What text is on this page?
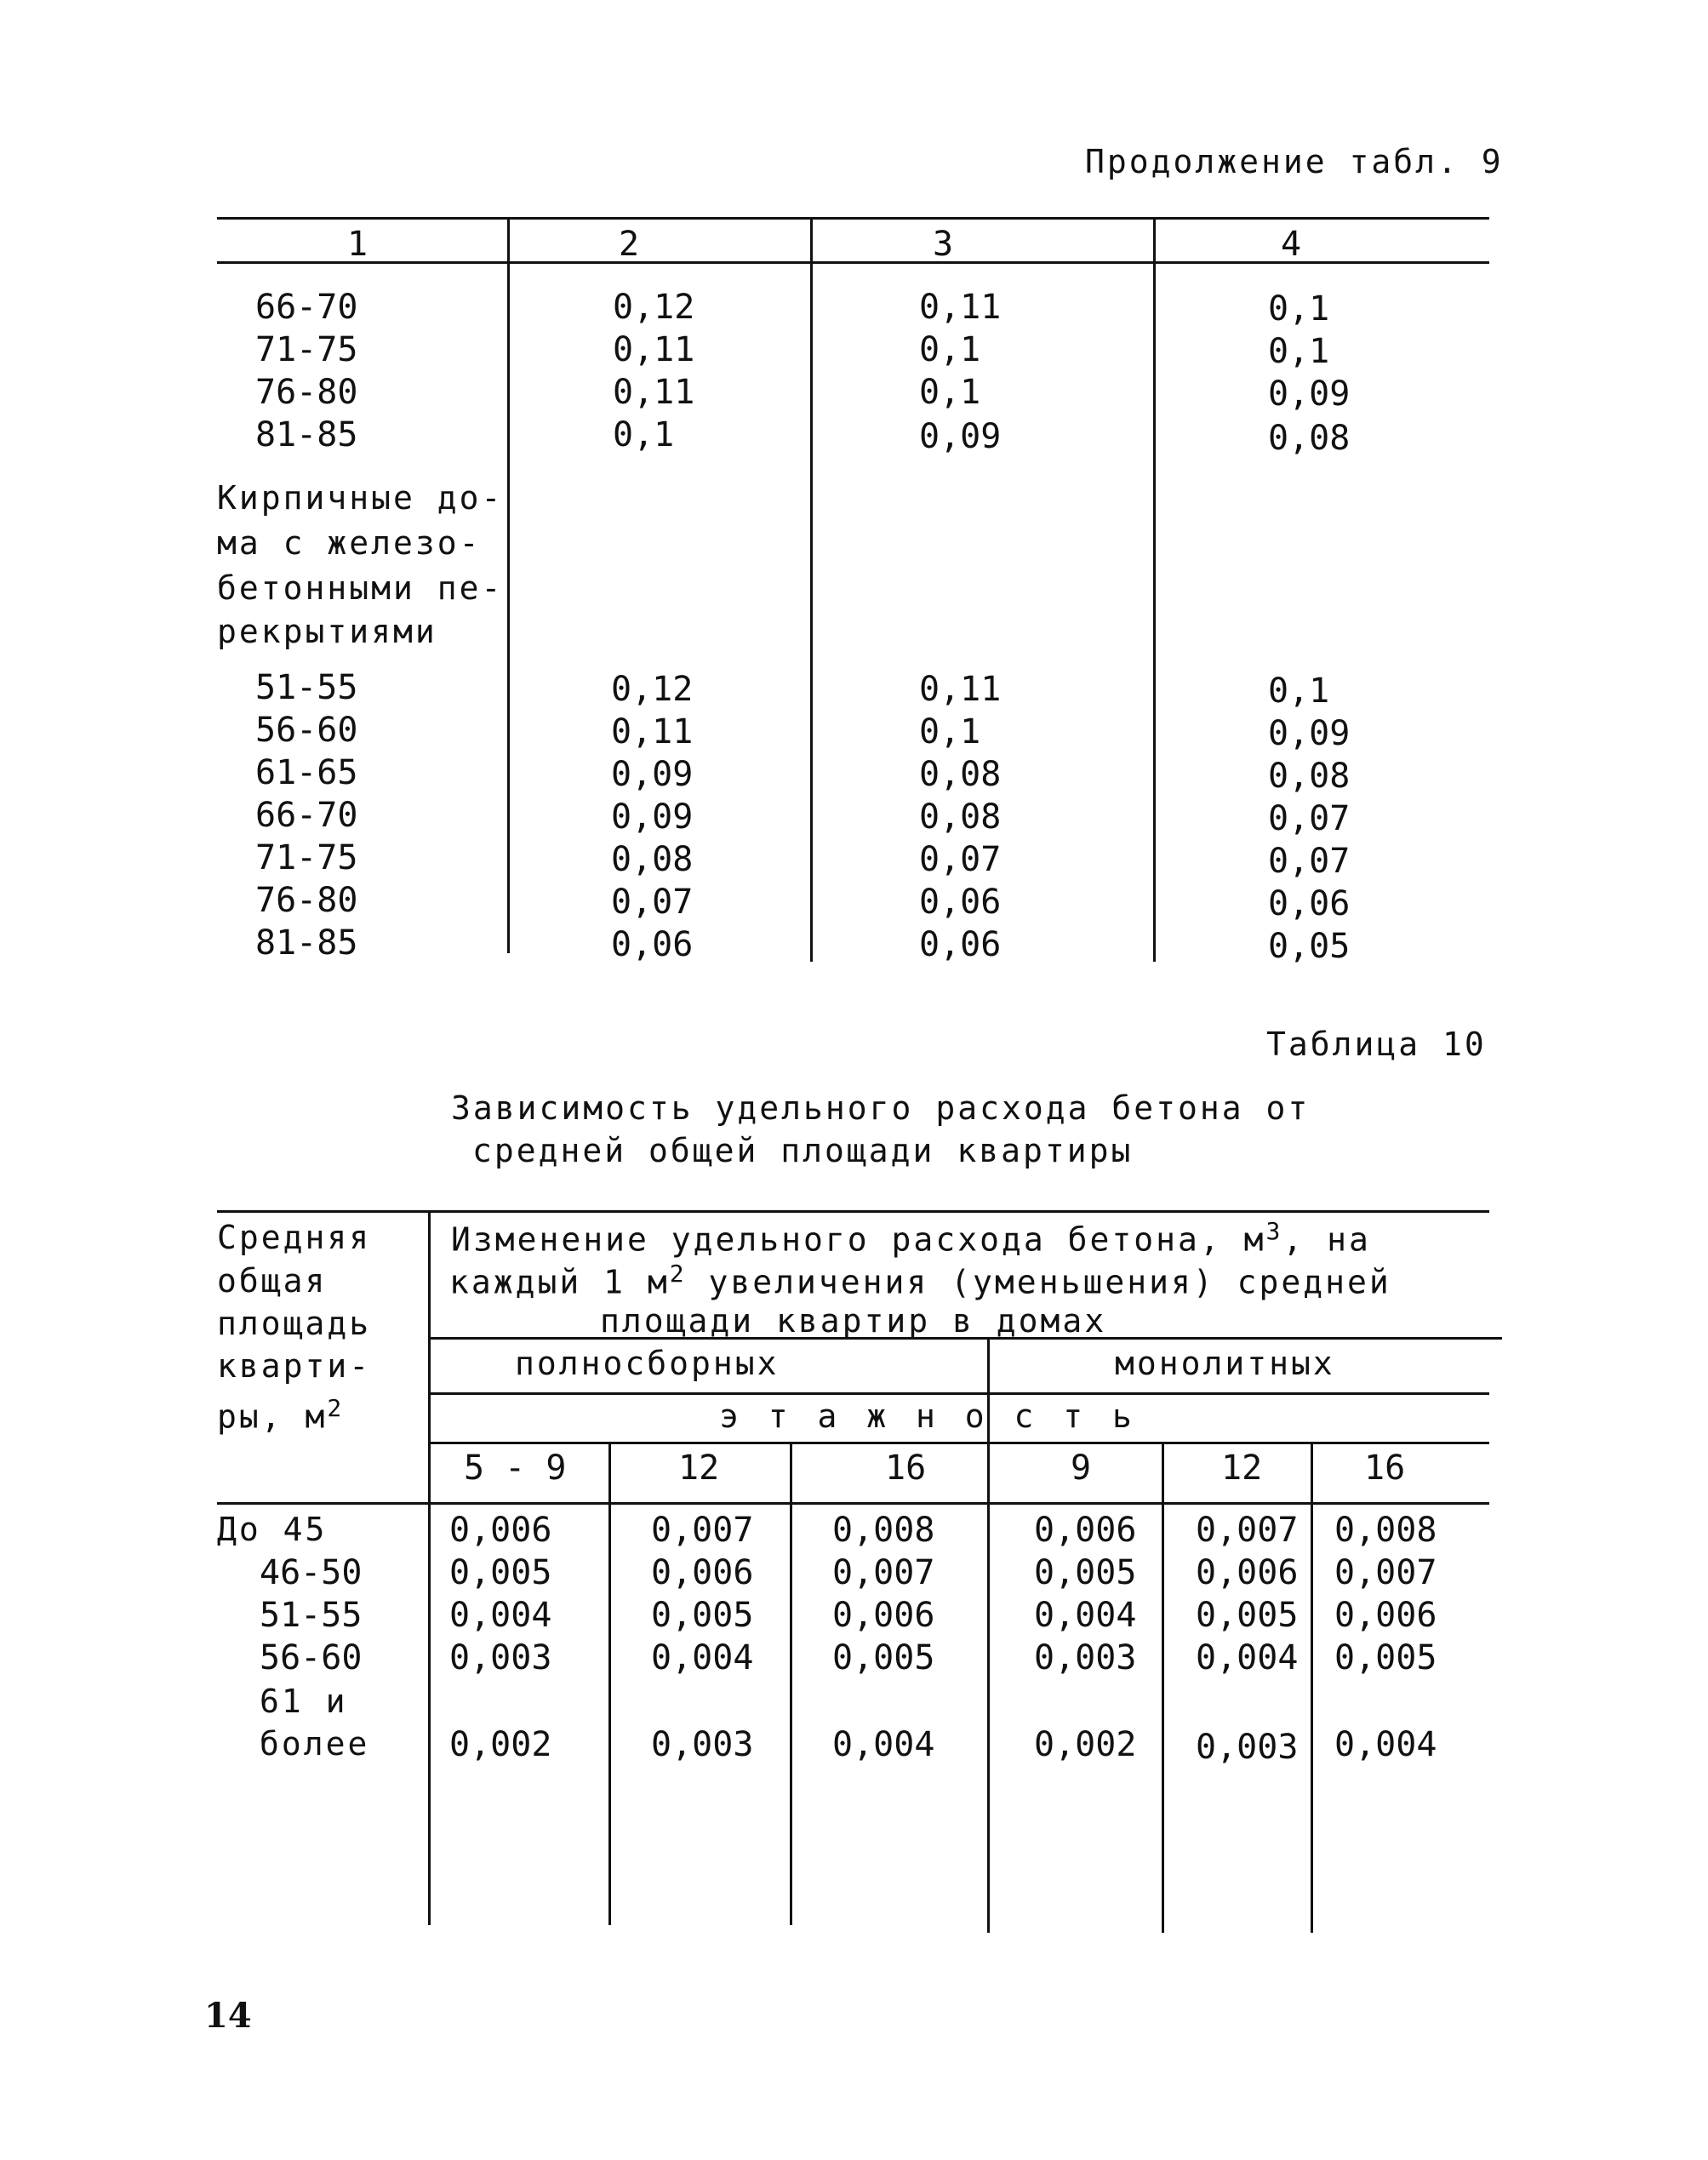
Продолжение табл. 9
1	2	3	4
66-70	0,12	0,11	0,1
71-75	0,11	0,1	0,1
76-80	0,11	0,1	0,09
81-85	0,1	0,09	0,08
Кирпичные до-
ма с железо-
бетонными пе-
рекрытиями
51-55	0,12	0,11	0,1
56-60	0,11	0,1	0,09
61-65	0,09	0,08	0,08
66-70	0,09	0,08	0,07
71-75	0,08	0,07	0,07
76-80	0,07	0,06	0,06
81-85	0,06	0,06	0,05
Таблица 10
Зависимость удельного расхода бетона от
средней общей площади квартиры
Средняя
общая
площадь
кварти-
ры, $м^2$
Изменение удельного расхода бетона, $м^3$, на
каждый 1 $м^2$ увеличения (уменьшения) средней
площади квартир в домах
полносборных	монолитных
э т а ж н о с т ь
5 - 9	12	16	9	12	16
До 45	0,006	0,007 0,008	0,006 0,007 0,008
46-50	0,005	0,006 0,007	0,005 0,006 0,007
51-55	0,004	0,005 0,006	0,004 0,005 0,006
56-60	0,003	0,004 0,005	0,003 0,004 0,005
61 и
более 0,002	0,003 0,004	0,002 0,003 0,004
14
